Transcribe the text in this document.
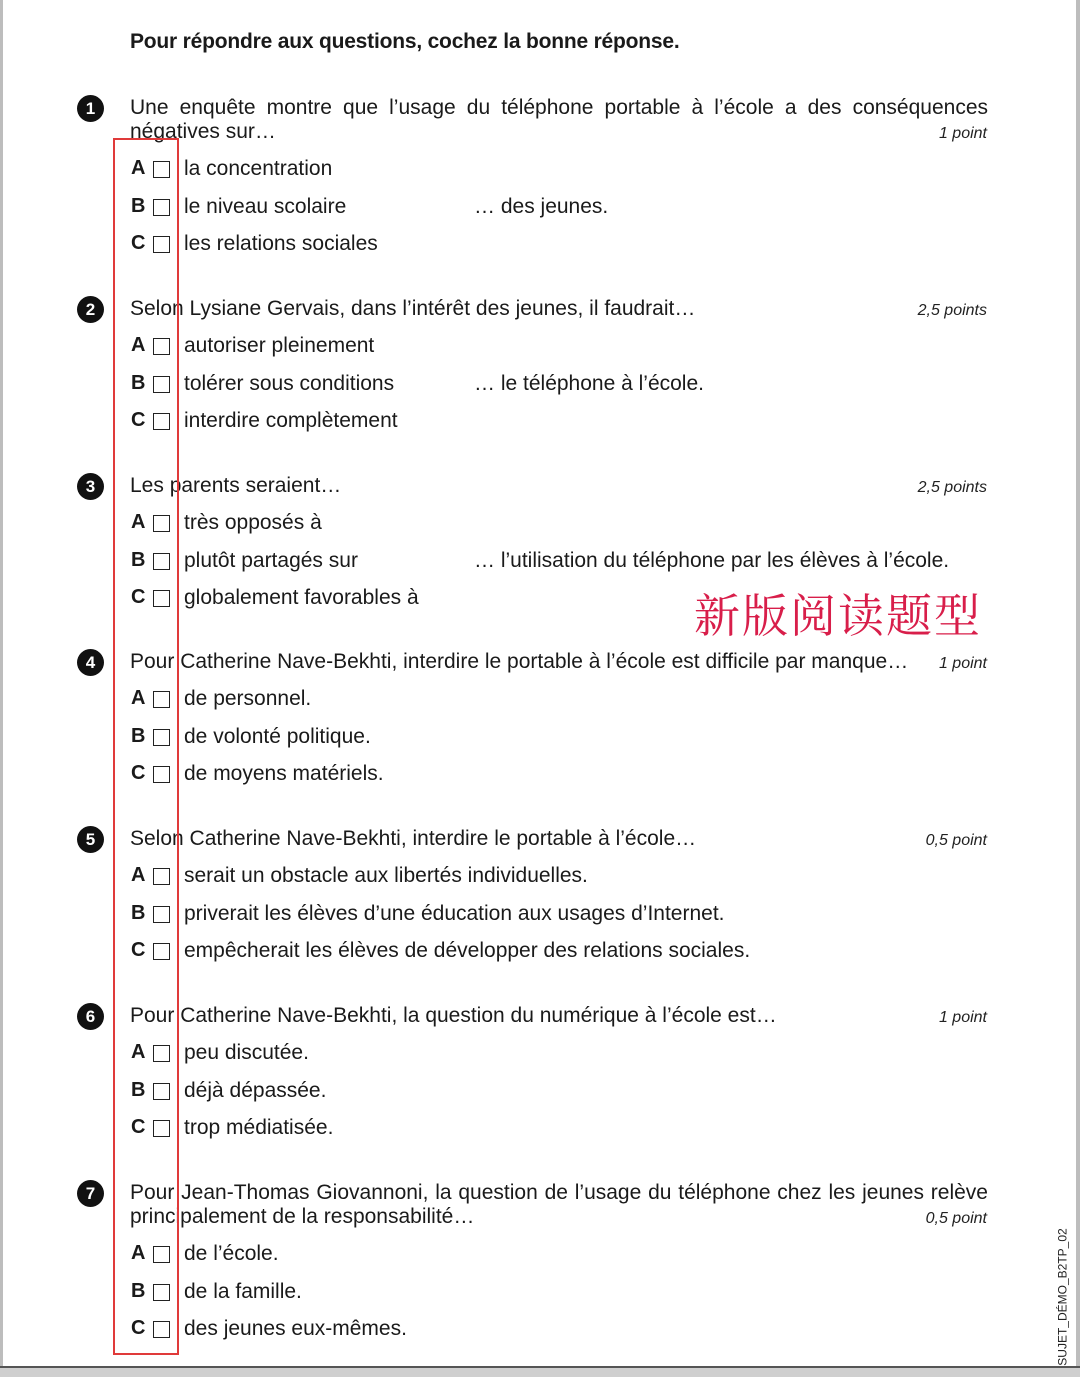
Pour répondre aux questions, cochez la bonne réponse.
1	Une enquête montre que l’usage du téléphone portable à l’école a des conséquences négatives sur…	1 point
A la concentration
B le niveau scolaire	… des jeunes.
C les relations sociales
2	Selon Lysiane Gervais, dans l’intérêt des jeunes, il faudrait…	2,5 points
A autoriser pleinement
B tolérer sous conditions	… le téléphone à l’école.
C interdire complètement
3	Les parents seraient…	2,5 points
A très opposés à
B plutôt partagés sur	… l’utilisation du téléphone par les élèves à l’école.
C globalement favorables à
4	Pour Catherine Nave-Bekhti, interdire le portable à l’école est difficile par manque…	1 point
A de personnel.
B de volonté politique.
C de moyens matériels.
5	Selon Catherine Nave-Bekhti, interdire le portable à l’école…	0,5 point
A serait un obstacle aux libertés individuelles.
B priverait les élèves d’une éducation aux usages d’Internet.
C empêcherait les élèves de développer des relations sociales.
6	Pour Catherine Nave-Bekhti, la question du numérique à l’école est…	1 point
A peu discutée.
B déjà dépassée.
C trop médiatisée.
7	Pour Jean-Thomas Giovannoni, la question de l’usage du téléphone chez les jeunes relève principalement de la responsabilité…	0,5 point
A de l’école.
B de la famille.
C des jeunes eux-mêmes.
新版阅读题型
SUJET_DÉMO_B2TP_02
